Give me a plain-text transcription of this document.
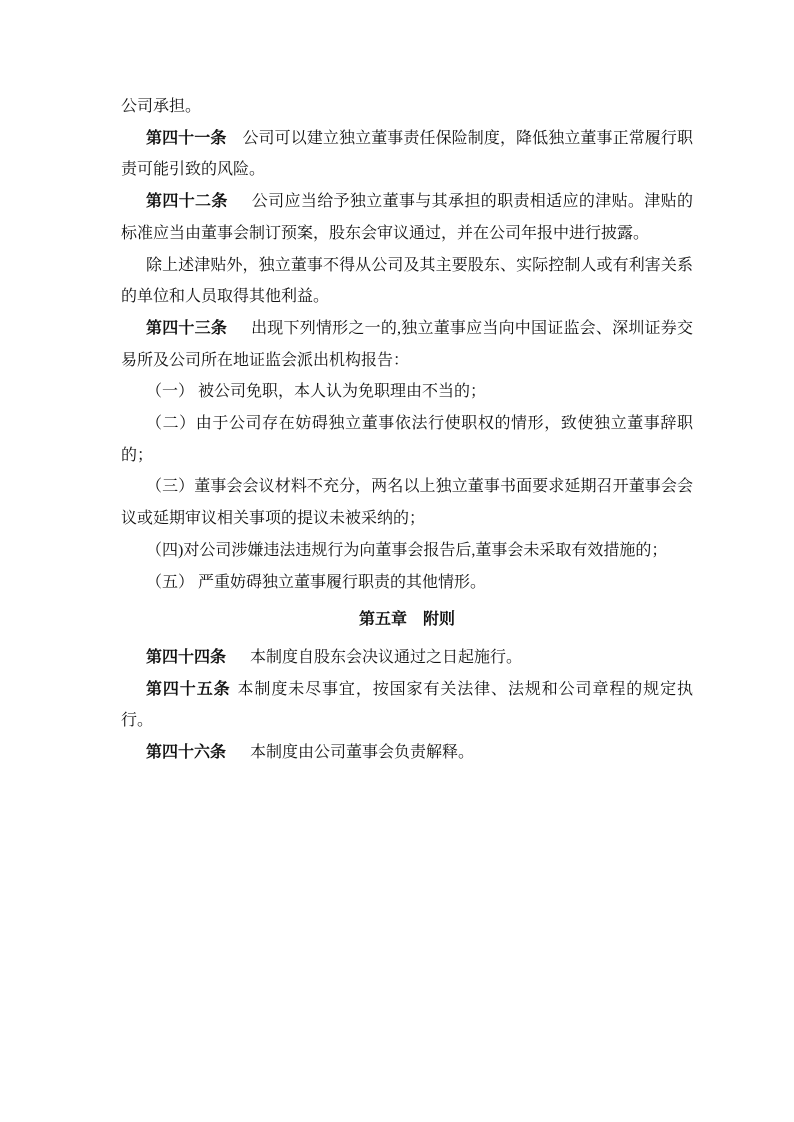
公司承担。

第四十一条 公司可以建立独立董事责任保险制度，降低独立董事正常履行职责可能引致的风险。

第四十二条 公司应当给予独立董事与其承担的职责相适应的津贴。津贴的标准应当由董事会制订预案，股东会审议通过，并在公司年报中进行披露。

除上述津贴外，独立董事不得从公司及其主要股东、实际控制人或有利害关系的单位和人员取得其他利益。

第四十三条 出现下列情形之一的,独立董事应当向中国证监会、深圳证券交易所及公司所在地证监会派出机构报告：

（一） 被公司免职，本人认为免职理由不当的；

（二）由于公司存在妨碍独立董事依法行使职权的情形，致使独立董事辞职的；

（三）董事会会议材料不充分，两名以上独立董事书面要求延期召开董事会会议或延期审议相关事项的提议未被采纳的；

（四)对公司涉嫌违法违规行为向董事会报告后,董事会未采取有效措施的；

（五） 严重妨碍独立董事履行职责的其他情形。

第五章　附则

第四十四条 本制度自股东会决议通过之日起施行。

第四十五条 本制度未尽事宜，按国家有关法律、法规和公司章程的规定执行。

第四十六条 本制度由公司董事会负责解释。
